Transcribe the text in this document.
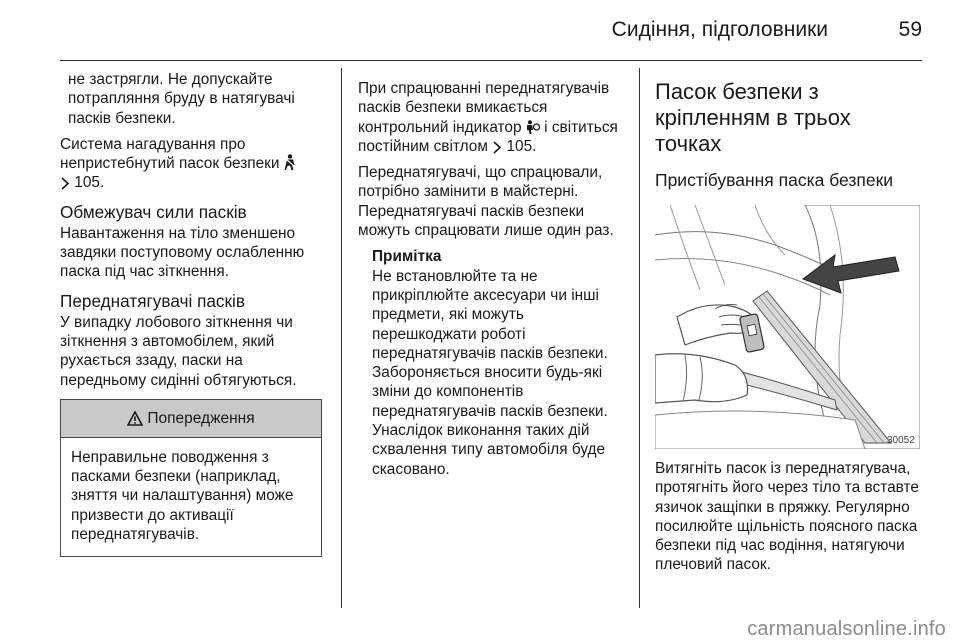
Сидіння, підголовники	59
не застрягли. Не допускайте потрапляння бруду в натягувачі пасків безпеки.
Система нагадування про непристебнутий пасок безпеки
105.
Обмежувач сили пасків
Навантаження на тіло зменшено завдяки поступовому ослабленню паска під час зіткнення.
Переднатягувачі пасків
У випадку лобового зіткнення чи зіткнення з автомобілем, який рухається ззаду, паски на передньому сидінні обтягуються.
Попередження
Неправильне поводження з пасками безпеки (наприклад, зняття чи налаштування) може призвести до активації переднатягувачів.
При спрацюванні переднатягувачів пасків безпеки вмикається контрольний індикатор і світиться постійним світлом 105.
Переднатягувачі, що спрацювали, потрібно замінити в майстерні. Переднатягувачі пасків безпеки можуть спрацювати лише один раз.
Примітка
Не встановлюйте та не прикріплюйте аксесуари чи інші предмети, які можуть перешкоджати роботі переднатягувачів пасків безпеки. Забороняється вносити будь-які зміни до компонентів переднатягувачів пасків безпеки. Унаслідок виконання таких дій схвалення типу автомобіля буде скасовано.
Пасок безпеки з кріпленням в трьох точках
Пристібування паска безпеки
30052
Витягніть пасок із переднатягувача, протягніть його через тіло та вставте язичок защіпки в пряжку. Регулярно посилюйте щільність поясного паска безпеки під час водіння, натягуючи плечовий пасок.
carmanualsonline.info
